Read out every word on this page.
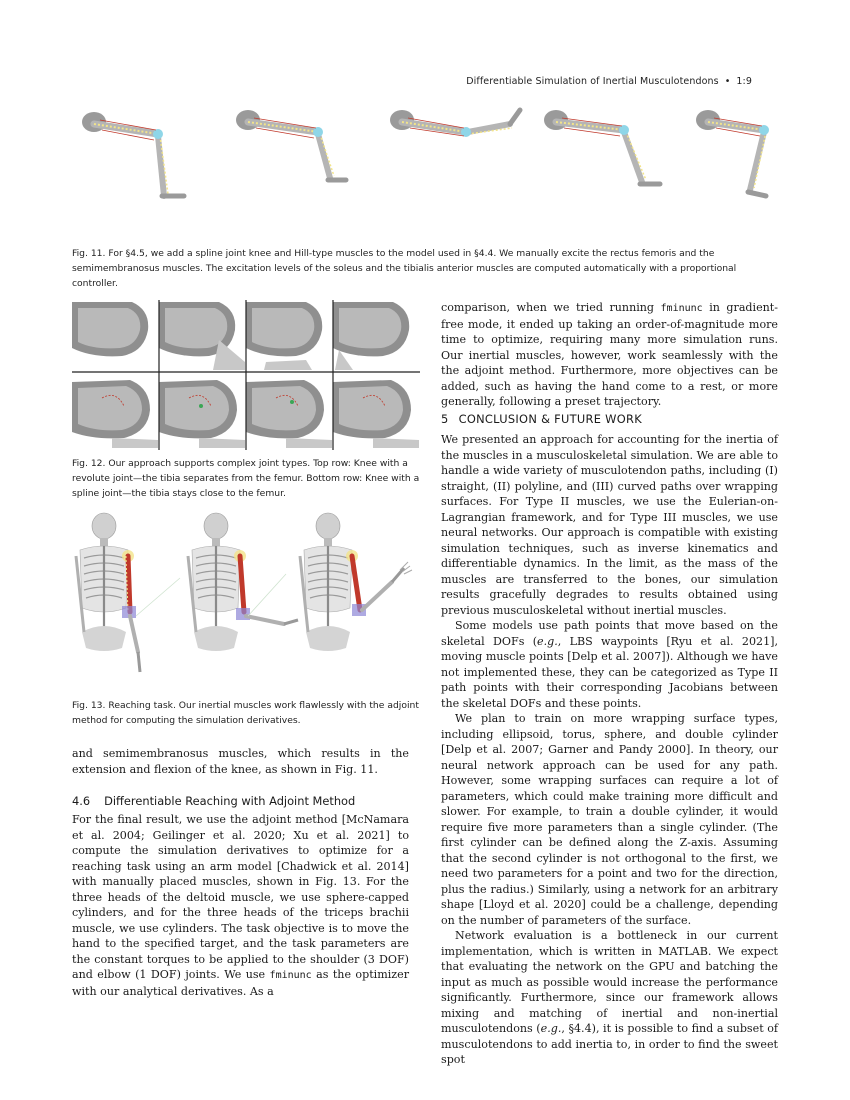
Differentiable Simulation of Inertial Musculotendons • 1:9
Fig. 11. For §4.5, we add a spline joint knee and Hill-type muscles to the model used in §4.4. We manually excite the rectus femoris and the semimembranosus muscles. The excitation levels of the soleus and the tibialis anterior muscles are computed automatically with a proportional controller.
Fig. 12. Our approach supports complex joint types. Top row: Knee with a revolute joint—the tibia separates from the femur. Bottom row: Knee with a spline joint—the tibia stays close to the femur.
Fig. 13. Reaching task. Our inertial muscles work flawlessly with the adjoint method for computing the simulation derivatives.

and semimembranosus muscles, which results in the extension and flexion of the knee, as shown in Fig. 11.

4.6 Differentiable Reaching with Adjoint Method

For the final result, we use the adjoint method [McNamara et al. 2004; Geilinger et al. 2020; Xu et al. 2021] to compute the simulation derivatives to optimize for a reaching task using an arm model [Chadwick et al. 2014] with manually placed muscles, shown in Fig. 13. For the three heads of the deltoid muscle, we use sphere-capped cylinders, and for the three heads of the triceps brachii muscle, we use cylinders. The task objective is to move the hand to the specified target, and the task parameters are the constant torques to be applied to the shoulder (3 DOF) and elbow (1 DOF) joints. We use fminunc as the optimizer with our analytical derivatives. As a

comparison, when we tried running fminunc in gradient-free mode, it ended up taking an order-of-magnitude more time to optimize, requiring many more simulation runs. Our inertial muscles, however, work seamlessly with the the adjoint method. Furthermore, more objectives can be added, such as having the hand come to a rest, or more generally, following a preset trajectory.

5 CONCLUSION & FUTURE WORK

We presented an approach for accounting for the inertia of the muscles in a musculoskeletal simulation. We are able to handle a wide variety of musculotendon paths, including (I) straight, (II) polyline, and (III) curved paths over wrapping surfaces. For Type II muscles, we use the Eulerian-on-Lagrangian framework, and for Type III muscles, we use neural networks. Our approach is compatible with existing simulation techniques, such as inverse kinematics and differentiable dynamics. In the limit, as the mass of the muscles are transferred to the bones, our simulation results gracefully degrades to results obtained using previous musculoskeletal without inertial muscles.

Some models use path points that move based on the skeletal DOFs (e.g., LBS waypoints [Ryu et al. 2021], moving muscle points [Delp et al. 2007]). Although we have not implemented these, they can be categorized as Type II path points with their corresponding Jacobians between the skeletal DOFs and these points.

We plan to train on more wrapping surface types, including ellipsoid, torus, sphere, and double cylinder [Delp et al. 2007; Garner and Pandy 2000]. In theory, our neural network approach can be used for any path. However, some wrapping surfaces can require a lot of parameters, which could make training more difficult and slower. For example, to train a double cylinder, it would require five more parameters than a single cylinder. (The first cylinder can be defined along the Z-axis. Assuming that the second cylinder is not orthogonal to the first, we need two parameters for a point and two for the direction, plus the radius.) Similarly, using a network for an arbitrary shape [Lloyd et al. 2020] could be a challenge, depending on the number of parameters of the surface.

Network evaluation is a bottleneck in our current implementation, which is written in MATLAB. We expect that evaluating the network on the GPU and batching the input as much as possible would increase the performance significantly. Furthermore, since our framework allows mixing and matching of inertial and non-inertial musculotendons (e.g., §4.4), it is possible to find a subset of musculotendons to add inertia to, in order to find the sweet spot
